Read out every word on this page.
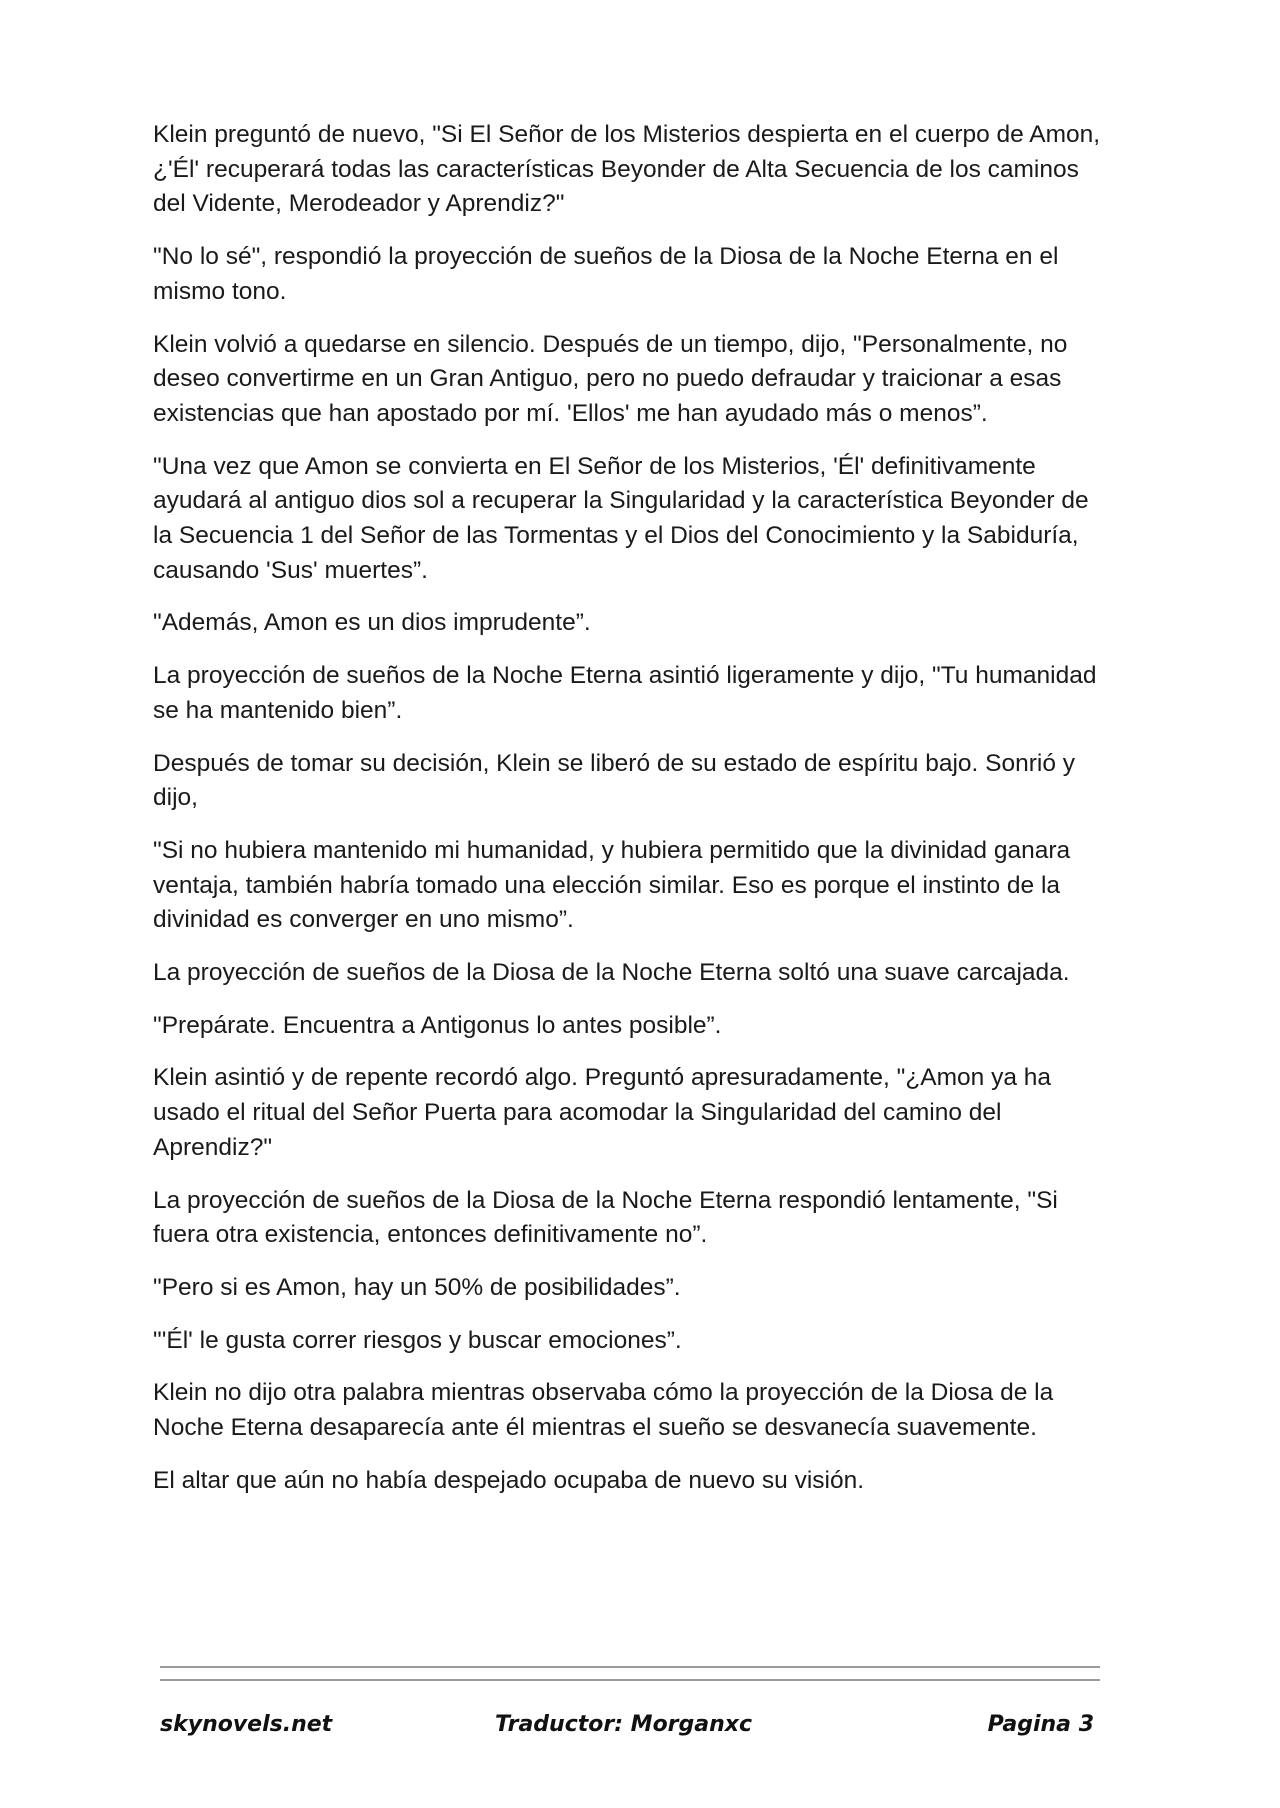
Klein preguntó de nuevo, "Si El Señor de los Misterios despierta en el cuerpo de Amon, ¿'Él' recuperará todas las características Beyonder de Alta Secuencia de los caminos del Vidente, Merodeador y Aprendiz?"

"No lo sé", respondió la proyección de sueños de la Diosa de la Noche Eterna en el mismo tono.

Klein volvió a quedarse en silencio. Después de un tiempo, dijo, "Personalmente, no deseo convertirme en un Gran Antiguo, pero no puedo defraudar y traicionar a esas existencias que han apostado por mí. 'Ellos' me han ayudado más o menos”.

"Una vez que Amon se convierta en El Señor de los Misterios, 'Él' definitivamente ayudará al antiguo dios sol a recuperar la Singularidad y la característica Beyonder de la Secuencia 1 del Señor de las Tormentas y el Dios del Conocimiento y la Sabiduría, causando 'Sus' muertes”.

"Además, Amon es un dios imprudente”.

La proyección de sueños de la Noche Eterna asintió ligeramente y dijo, "Tu humanidad se ha mantenido bien”.

Después de tomar su decisión, Klein se liberó de su estado de espíritu bajo. Sonrió y dijo,

"Si no hubiera mantenido mi humanidad, y hubiera permitido que la divinidad ganara ventaja, también habría tomado una elección similar. Eso es porque el instinto de la divinidad es converger en uno mismo”.

La proyección de sueños de la Diosa de la Noche Eterna soltó una suave carcajada.

"Prepárate. Encuentra a Antigonus lo antes posible”.

Klein asintió y de repente recordó algo. Preguntó apresuradamente, "¿Amon ya ha usado el ritual del Señor Puerta para acomodar la Singularidad del camino del Aprendiz?"

La proyección de sueños de la Diosa de la Noche Eterna respondió lentamente, "Si fuera otra existencia, entonces definitivamente no”.

"Pero si es Amon, hay un 50% de posibilidades”.

"'Él' le gusta correr riesgos y buscar emociones”.

Klein no dijo otra palabra mientras observaba cómo la proyección de la Diosa de la Noche Eterna desaparecía ante él mientras el sueño se desvanecía suavemente.

El altar que aún no había despejado ocupaba de nuevo su visión.

skynovels.net	Traductor: Morganxc	Pagina 3
